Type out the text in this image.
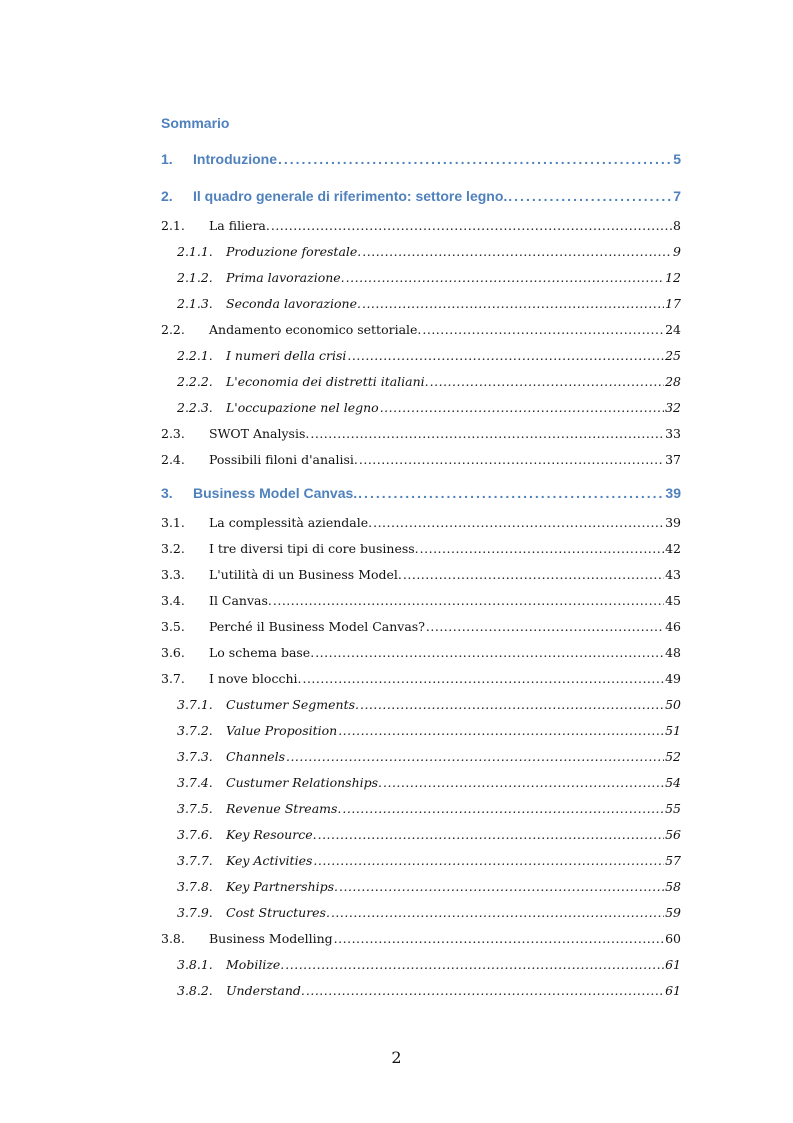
Sommario
1.	Introduzione .....	5
2.	Il quadro generale di riferimento: settore legno. .....	7
2.1.	La filiera. .....	8
2.1.1.	Produzione forestale. .....	9
2.1.2.	Prima lavorazione. .....	12
2.1.3.	Seconda lavorazione. .....	17
2.2.	Andamento economico settoriale. .....	24
2.2.1.	I numeri della crisi .....	25
2.2.2.	L'economia dei distretti italiani. .....	28
2.2.3.	L'occupazione nel legno .....	32
2.3.	SWOT Analysis. .....	33
2.4.	Possibili filoni d'analisi. .....	37
3.	Business Model Canvas. .....	39
3.1.	La complessità aziendale. .....	39
3.2.	I tre diversi tipi di core business. .....	42
3.3.	L'utilità di un Business Model. .....	43
3.4.	Il Canvas. .....	45
3.5.	Perché il Business Model Canvas? .....	46
3.6.	Lo schema base. .....	48
3.7.	I nove blocchi. .....	49
3.7.1.	Custumer Segments. .....	50
3.7.2.	Value Proposition .....	51
3.7.3.	Channels .....	52
3.7.4.	Custumer Relationships. .....	54
3.7.5.	Revenue Streams. .....	55
3.7.6.	Key Resource. .....	56
3.7.7.	Key Activities .....	57
3.7.8.	Key Partnerships. .....	58
3.7.9.	Cost Structures. .....	59
3.8.	Business Modelling .....	60
3.8.1.	Mobilize. .....	61
3.8.2.	Understand. .....	61
2
